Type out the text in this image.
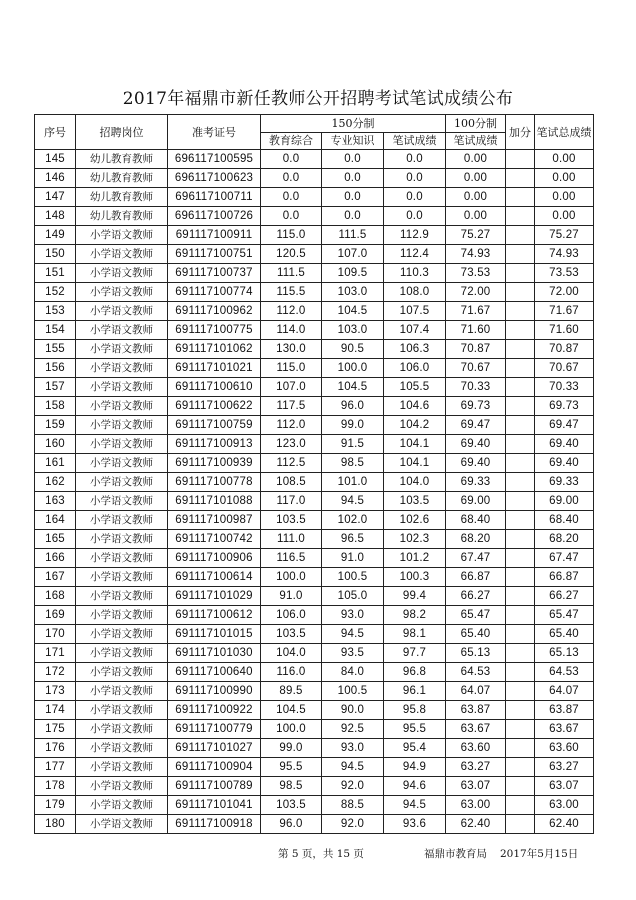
2017年福鼎市新任教师公开招聘考试笔试成绩公布
序号	招聘岗位	准考证号	150分制			100分制	加分	笔试总成绩
			教育综合	专业知识	笔试成绩	笔试成绩		
145	幼儿教育教师	696117100595	0.0	0.0	0.0	0.00		0.00
146	幼儿教育教师	696117100623	0.0	0.0	0.0	0.00		0.00
147	幼儿教育教师	696117100711	0.0	0.0	0.0	0.00		0.00
148	幼儿教育教师	696117100726	0.0	0.0	0.0	0.00		0.00
149	小学语文教师	691117100911	115.0	111.5	112.9	75.27		75.27
150	小学语文教师	691117100751	120.5	107.0	112.4	74.93		74.93
151	小学语文教师	691117100737	111.5	109.5	110.3	73.53		73.53
152	小学语文教师	691117100774	115.5	103.0	108.0	72.00		72.00
153	小学语文教师	691117100962	112.0	104.5	107.5	71.67		71.67
154	小学语文教师	691117100775	114.0	103.0	107.4	71.60		71.60
155	小学语文教师	691117101062	130.0	90.5	106.3	70.87		70.87
156	小学语文教师	691117101021	115.0	100.0	106.0	70.67		70.67
157	小学语文教师	691117100610	107.0	104.5	105.5	70.33		70.33
158	小学语文教师	691117100622	117.5	96.0	104.6	69.73		69.73
159	小学语文教师	691117100759	112.0	99.0	104.2	69.47		69.47
160	小学语文教师	691117100913	123.0	91.5	104.1	69.40		69.40
161	小学语文教师	691117100939	112.5	98.5	104.1	69.40		69.40
162	小学语文教师	691117100778	108.5	101.0	104.0	69.33		69.33
163	小学语文教师	691117101088	117.0	94.5	103.5	69.00		69.00
164	小学语文教师	691117100987	103.5	102.0	102.6	68.40		68.40
165	小学语文教师	691117100742	111.0	96.5	102.3	68.20		68.20
166	小学语文教师	691117100906	116.5	91.0	101.2	67.47		67.47
167	小学语文教师	691117100614	100.0	100.5	100.3	66.87		66.87
168	小学语文教师	691117101029	91.0	105.0	99.4	66.27		66.27
169	小学语文教师	691117100612	106.0	93.0	98.2	65.47		65.47
170	小学语文教师	691117101015	103.5	94.5	98.1	65.40		65.40
171	小学语文教师	691117101030	104.0	93.5	97.7	65.13		65.13
172	小学语文教师	691117100640	116.0	84.0	96.8	64.53		64.53
173	小学语文教师	691117100990	89.5	100.5	96.1	64.07		64.07
174	小学语文教师	691117100922	104.5	90.0	95.8	63.87		63.87
175	小学语文教师	691117100779	100.0	92.5	95.5	63.67		63.67
176	小学语文教师	691117101027	99.0	93.0	95.4	63.60		63.60
177	小学语文教师	691117100904	95.5	94.5	94.9	63.27		63.27
178	小学语文教师	691117100789	98.5	92.0	94.6	63.07		63.07
179	小学语文教师	691117101041	103.5	88.5	94.5	63.00		63.00
180	小学语文教师	691117100918	96.0	92.0	93.6	62.40		62.40
第 5 页，共 15 页	福鼎市教育局 2017年5月15日
